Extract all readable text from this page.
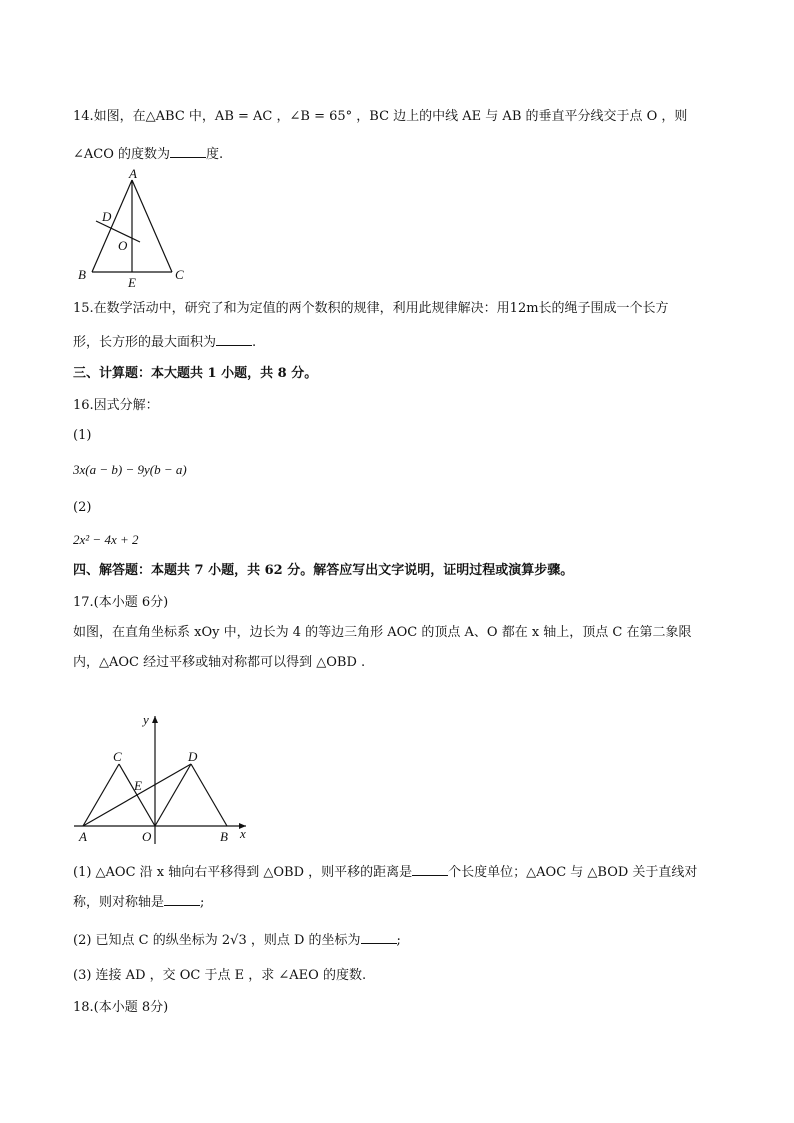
14.如图，在△ABC 中，AB = AC ，∠B = 65° ，BC 边上的中线 AE 与 AB 的垂直平分线交于点 O ，则
∠ACO 的度数为	度.
A
B	C
D
O
E
15.在数学活动中，研究了和为定值的两个数积的规律，利用此规律解决：用12m长的绳子围成一个长方
形，长方形的最大面积为	.
三、计算题：本大题共 1 小题，共 8 分。
16.因式分解：
(1)
3x(a − b) − 9y(b − a)
(2)
2x² − 4x + 2
四、解答题：本题共 7 小题，共 62 分。解答应写出文字说明，证明过程或演算步骤。
17.(本小题 6分)
如图，在直角坐标系 xOy 中，边长为 4 的等边三角形 AOC 的顶点 A、O 都在 x 轴上，顶点 C 在第二象限
内，△AOC 经过平移或轴对称都可以得到 △OBD .
y
x
C	D
E
A	O	B
(1) △AOC 沿 x 轴向右平移得到 △OBD ，则平移的距离是	个长度单位；△AOC 与 △BOD 关于直线对
称，则对称轴是	;
(2) 已知点 C 的纵坐标为 2√3 ，则点 D 的坐标为	;
(3) 连接 AD ，交 OC 于点 E ，求 ∠AEO 的度数.
18.(本小题 8分)
